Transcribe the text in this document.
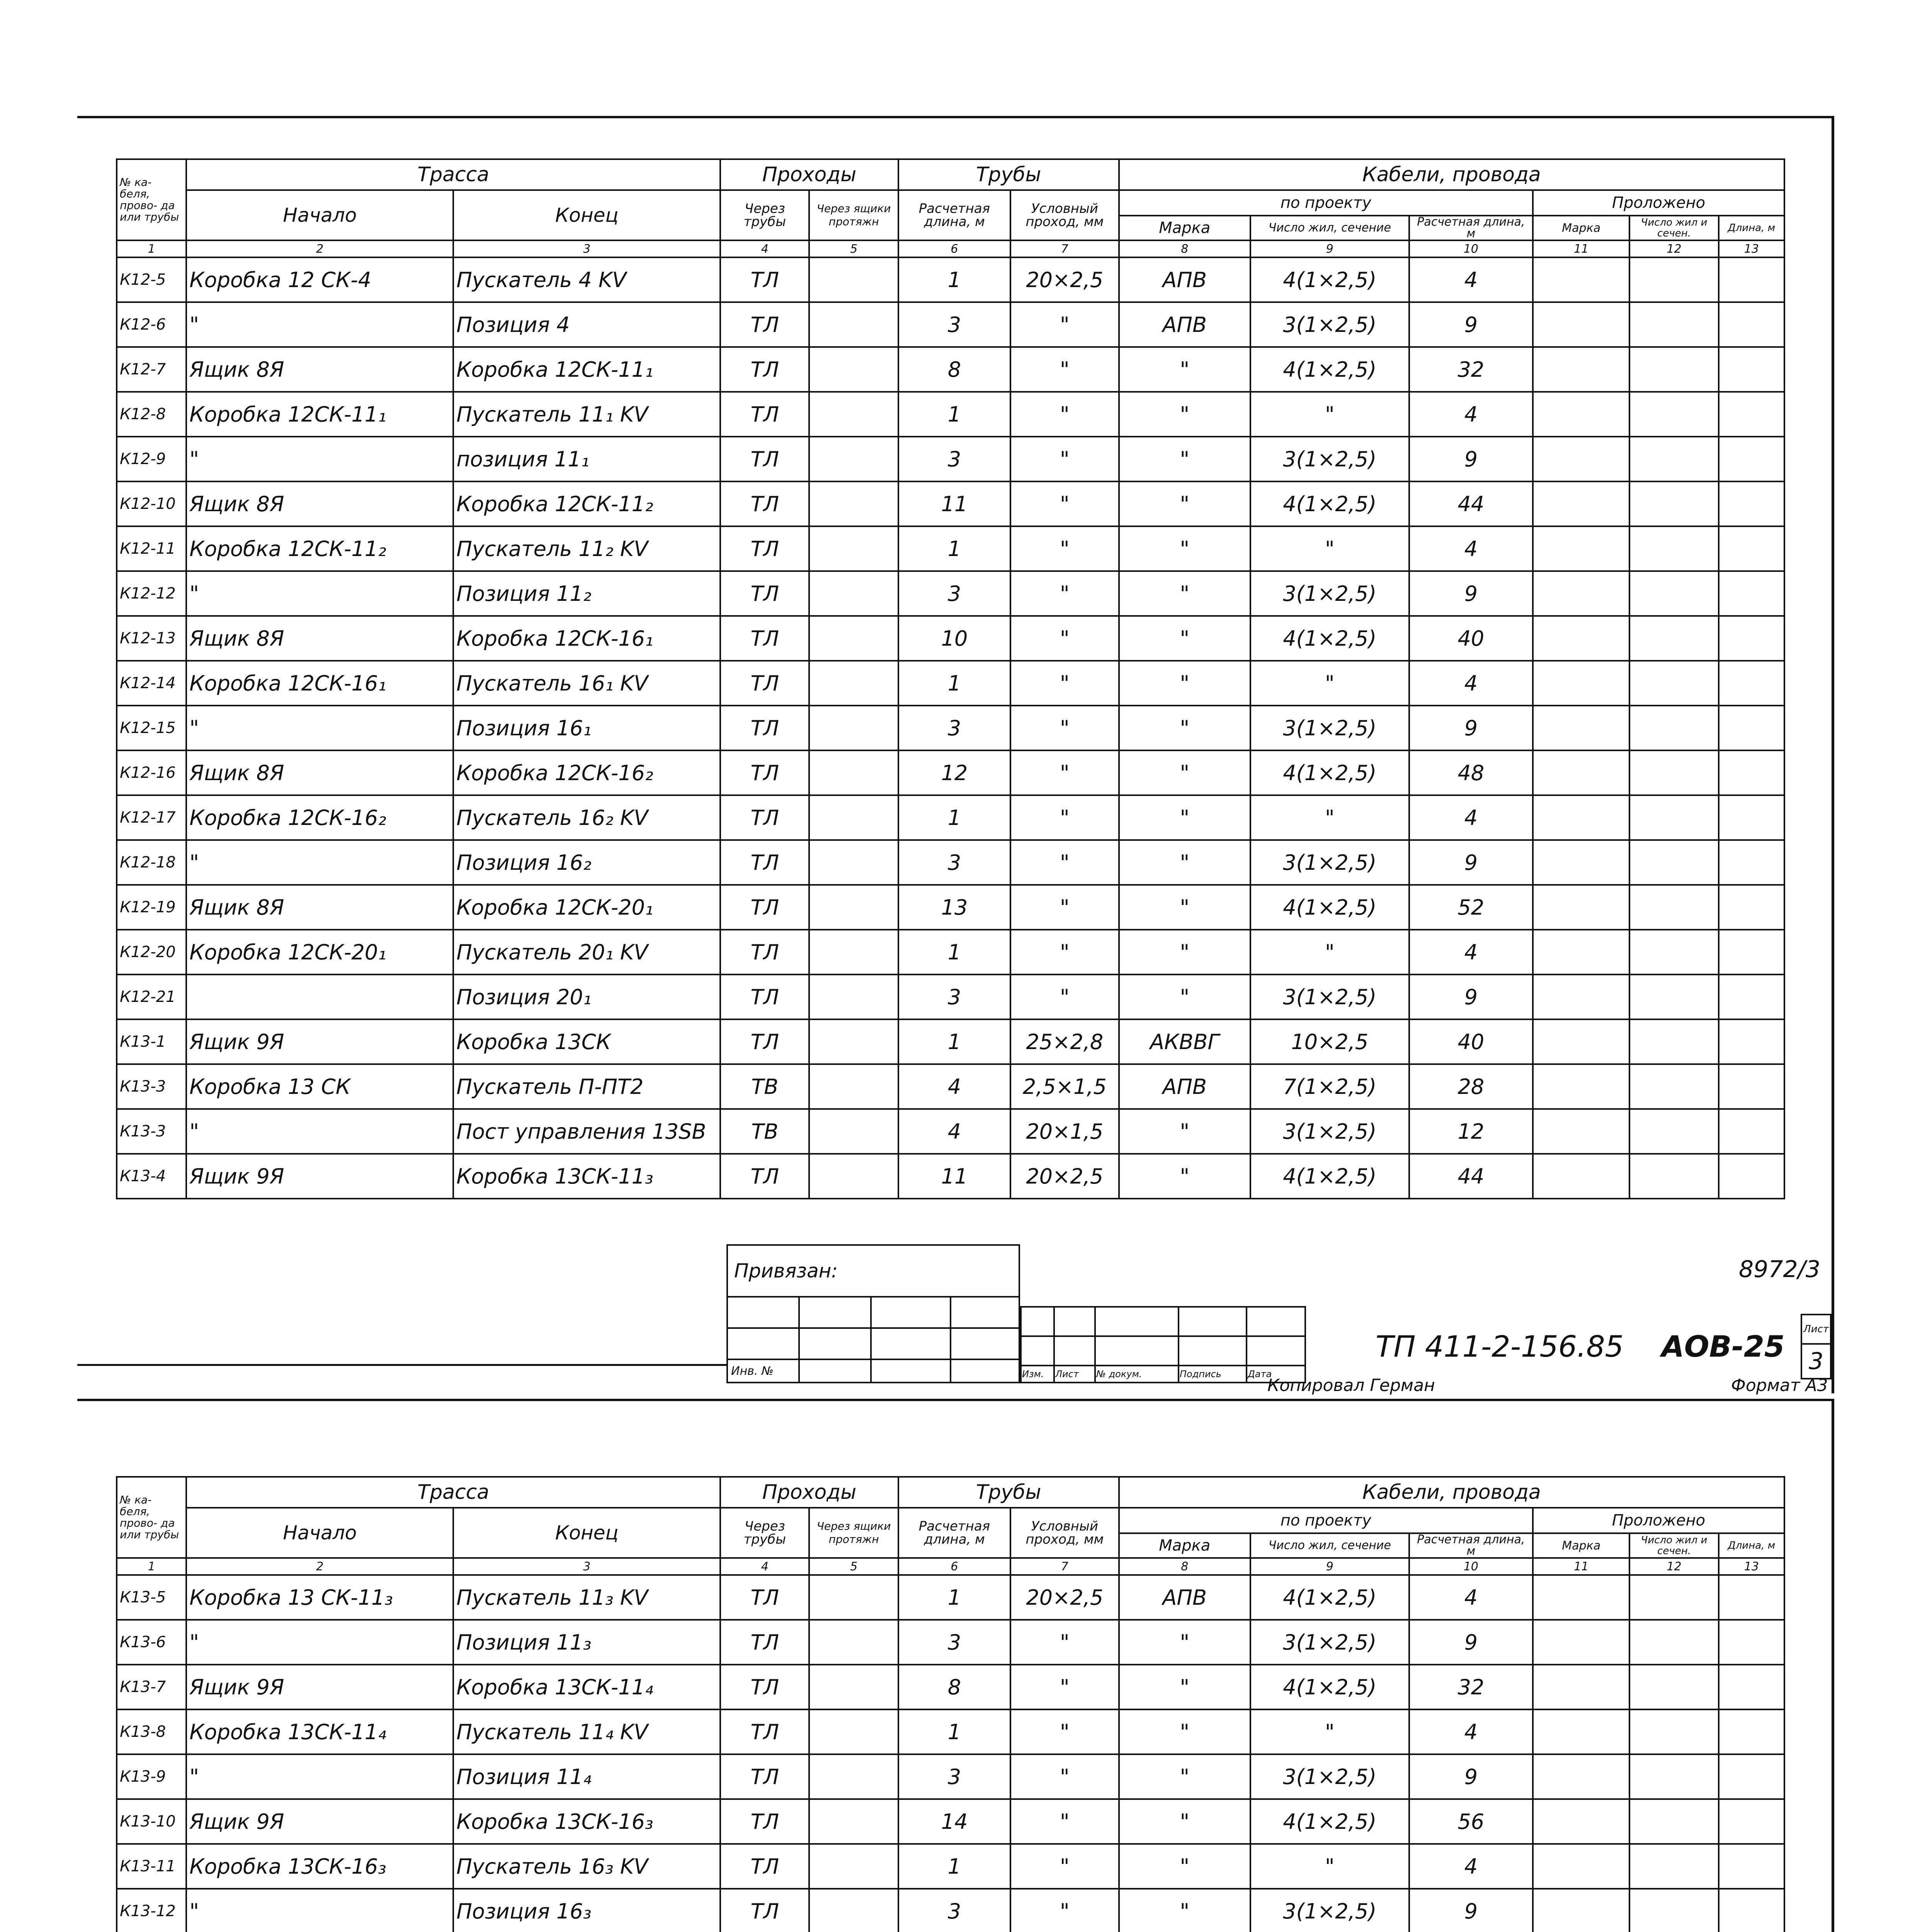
№ ка- беля, прово- да или трубы	Трасса		Проходы		Трубы		Кабели, провода					
	Начало	Конец	Через трубы	Через ящики протяжн	Расчетная длина, м	Условный проход, мм	по проекту			Проложено		
							Марка	Число жил, сечение	Расчетная длина, м	Марка	Число жил и сечен.	Длина, м
1	2	3	4	5	6	7	8	9	10	11	12	13
К12-5	Коробка 12 СК-4	Пускатель 4 KV	ТЛ		1	20×2,5	АПВ	4(1×2,5)	4			
К12-6	"	Позиция 4	ТЛ		3	"	АПВ	3(1×2,5)	9			
К12-7	Ящик 8Я	Коробка 12СК-11₁	ТЛ		8	"	"	4(1×2,5)	32			
К12-8	Коробка 12СК-11₁	Пускатель 11₁ KV	ТЛ		1	"	"	"	4			
К12-9	"	позиция 11₁	ТЛ		3	"	"	3(1×2,5)	9			
К12-10	Ящик 8Я	Коробка 12СК-11₂	ТЛ		11	"	"	4(1×2,5)	44			
К12-11	Коробка 12СК-11₂	Пускатель 11₂ KV	ТЛ		1	"	"	"	4			
К12-12	"	Позиция 11₂	ТЛ		3	"	"	3(1×2,5)	9			
К12-13	Ящик 8Я	Коробка 12СК-16₁	ТЛ		10	"	"	4(1×2,5)	40			
К12-14	Коробка 12СК-16₁	Пускатель 16₁ KV	ТЛ		1	"	"	"	4			
К12-15	"	Позиция 16₁	ТЛ		3	"	"	3(1×2,5)	9			
К12-16	Ящик 8Я	Коробка 12СК-16₂	ТЛ		12	"	"	4(1×2,5)	48			
К12-17	Коробка 12СК-16₂	Пускатель 16₂ KV	ТЛ		1	"	"	"	4			
К12-18	"	Позиция 16₂	ТЛ		3	"	"	3(1×2,5)	9			
К12-19	Ящик 8Я	Коробка 12СК-20₁	ТЛ		13	"	"	4(1×2,5)	52			
К12-20	Коробка 12СК-20₁	Пускатель 20₁ KV	ТЛ		1	"	"	"	4			
К12-21		Позиция 20₁	ТЛ		3	"	"	3(1×2,5)	9			
К13-1	Ящик 9Я	Коробка 13СК	ТЛ		1	25×2,8	АКВВГ	10×2,5	40			
К13-3	Коробка 13 СК	Пускатель П-ПТ2	ТВ		4	2,5×1,5	АПВ	7(1×2,5)	28			
К13-3	"	Пост управления 13SB	ТВ		4	20×1,5	"	3(1×2,5)	12			
К13-4	Ящик 9Я	Коробка 13СК-11₃	ТЛ		11	20×2,5	"	4(1×2,5)	44			
Привязан:			

Инв. №			

					Изм.	Лист	№ докум.	Подпись	Дата
8972/3
ТП 411-2-156.85 АОВ-25 Лист
3
Копировал Герман	Формат А3
№ ка- беля, прово- да или трубы	Трасса		Проходы		Трубы		Кабели, провода					
	Начало	Конец	Через трубы	Через ящики протяжн	Расчетная длина, м	Условный проход, мм	по проекту			Проложено		
							Марка	Число жил, сечение	Расчетная длина, м	Марка	Число жил и сечен.	Длина, м
1	2	3	4	5	6	7	8	9	10	11	12	13
К13-5	Коробка 13 СК-11₃	Пускатель 11₃ KV	ТЛ		1	20×2,5	АПВ	4(1×2,5)	4			
К13-6	"	Позиция 11₃	ТЛ		3	"	"	3(1×2,5)	9			
К13-7	Ящик 9Я	Коробка 13СК-11₄	ТЛ		8	"	"	4(1×2,5)	32			
К13-8	Коробка 13СК-11₄	Пускатель 11₄ KV	ТЛ		1	"	"	"	4			
К13-9	"	Позиция 11₄	ТЛ		3	"	"	3(1×2,5)	9			
К13-10	Ящик 9Я	Коробка 13СК-16₃	ТЛ		14	"	"	4(1×2,5)	56			
К13-11	Коробка 13СК-16₃	Пускатель 16₃ KV	ТЛ		1	"	"	"	4			
К13-12	"	Позиция 16₃	ТЛ		3	"	"	3(1×2,5)	9			
